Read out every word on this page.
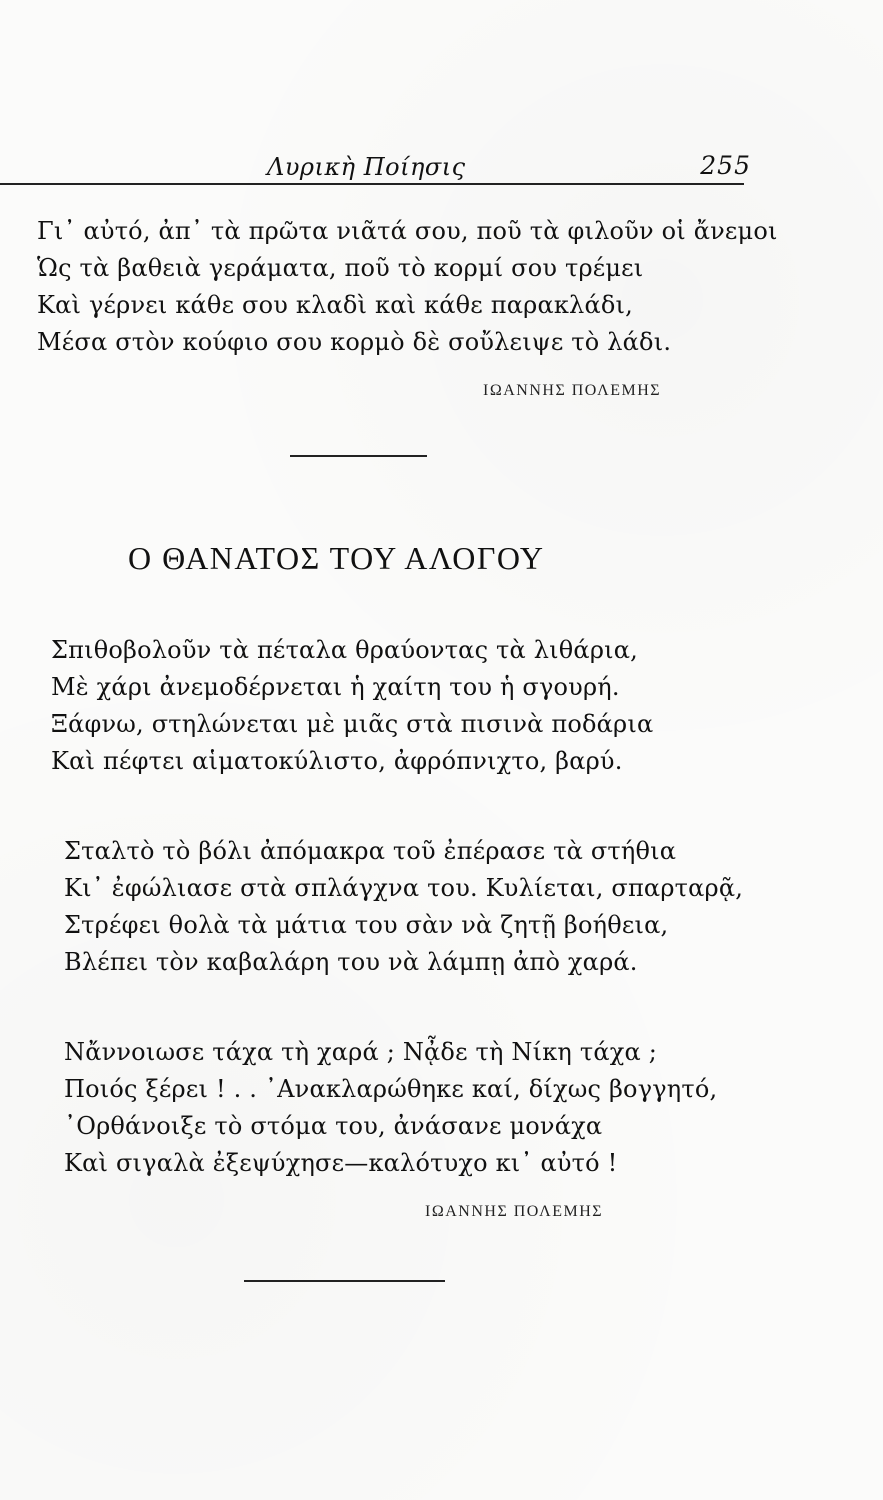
Λυρικὴ Ποίησις	255

Γι᾽ αὐτό, ἀπ᾽ τὰ πρῶτα νιᾶτά σου, ποῦ τὰ φιλοῦν οἱ ἄνεμοι

Ὡς τὰ βαθειὰ γεράματα, ποῦ τὸ κορμί σου τρέμει

Καὶ γέρνει κάθε σου κλαδὶ καὶ κάθε παρακλάδι,

Μέσα στὸν κούφιο σου κορμὸ δὲ σοὔλειψε τὸ λάδι.

ΙΩΑΝΝΗΣ ΠΟΛΕΜΗΣ
Ο ΘΑΝΑΤΟΣ ΤΟΥ ΑΛΟΓΟΥ

Σπιθοβολοῦν τὰ πέταλα θραύοντας τὰ λιθάρια,

Μὲ χάρι ἀνεμοδέρνεται ἡ χαίτη του ἡ σγουρή.

Ξάφνω, στηλώνεται μὲ μιᾶς στὰ πισινὰ ποδάρια

Καὶ πέφτει αἱματοκύλιστο, ἀφρόπνιχτο, βαρύ.

Σταλτὸ τὸ βόλι ἀπόμακρα τοῦ ἐπέρασε τὰ στήθια

Κι᾽ ἐφώλιασε στὰ σπλάγχνα του. Κυλίεται, σπαρταρᾷ,

Στρέφει θολὰ τὰ μάτια του σὰν νὰ ζητῇ βοήθεια,

Βλέπει τὸν καβαλάρη του νὰ λάμπῃ ἀπὸ χαρά.

Νἄννοιωσε τάχα τὴ χαρά ; Νᾆδε τὴ Νίκη τάχα ;

Ποιός ξέρει ! . . ᾿Ανακλαρώθηκε καί, δίχως βογγητό,

᾿Ορθάνοιξε τὸ στόμα του, ἀνάσανε μονάχα

Καὶ σιγαλὰ ἐξεψύχησε—καλότυχο κι᾽ αὐτό !

ΙΩΑΝΝΗΣ ΠΟΛΕΜΗΣ
